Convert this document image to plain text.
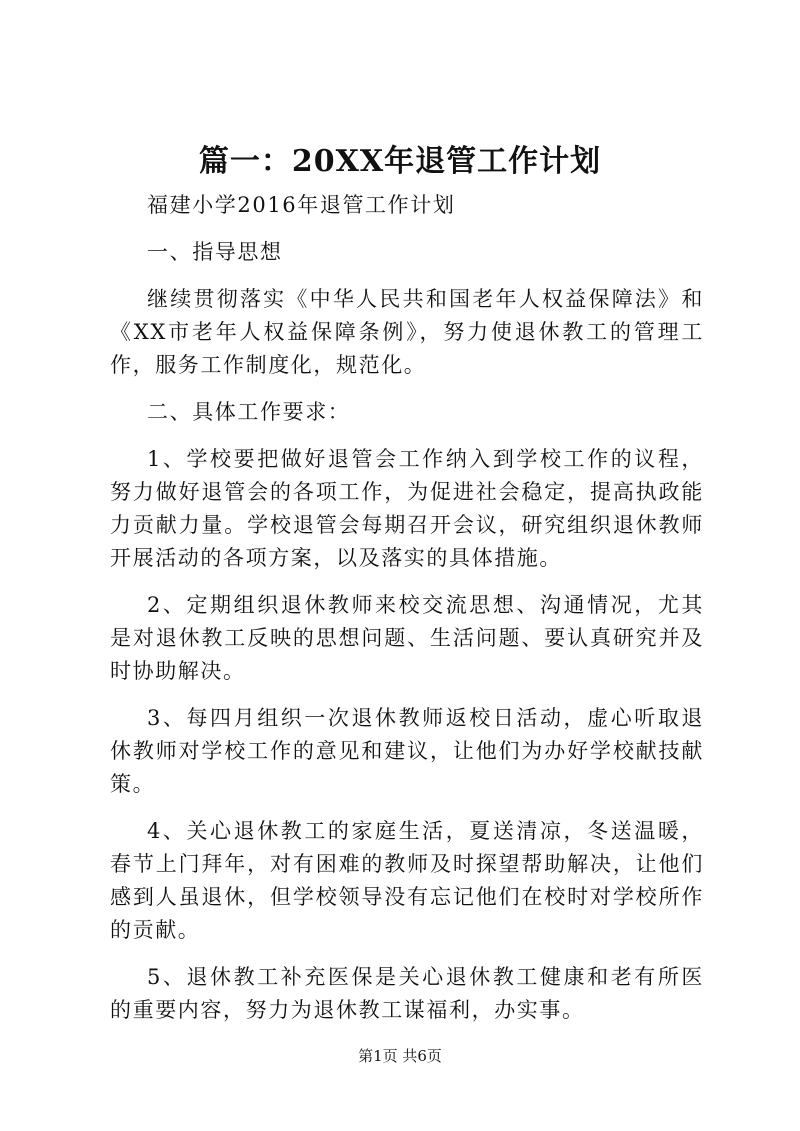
篇一：20XX年退管工作计划

福建小学2016年退管工作计划

一、指导思想

继续贯彻落实《中华人民共和国老年人权益保障法》和《XX市老年人权益保障条例》，努力使退休教工的管理工作，服务工作制度化，规范化。

二、具体工作要求：

1、学校要把做好退管会工作纳入到学校工作的议程，努力做好退管会的各项工作，为促进社会稳定，提高执政能力贡献力量。学校退管会每期召开会议，研究组织退休教师开展活动的各项方案，以及落实的具体措施。

2、定期组织退休教师来校交流思想、沟通情况，尤其是对退休教工反映的思想问题、生活问题、要认真研究并及时协助解决。

3、每四月组织一次退休教师返校日活动，虚心听取退休教师对学校工作的意见和建议，让他们为办好学校献技献策。

4、关心退休教工的家庭生活，夏送清凉，冬送温暖，春节上门拜年，对有困难的教师及时探望帮助解决，让他们感到人虽退休，但学校领导没有忘记他们在校时对学校所作的贡献。

5、退休教工补充医保是关心退休教工健康和老有所医的重要内容，努力为退休教工谋福利，办实事。

第1页 共6页
